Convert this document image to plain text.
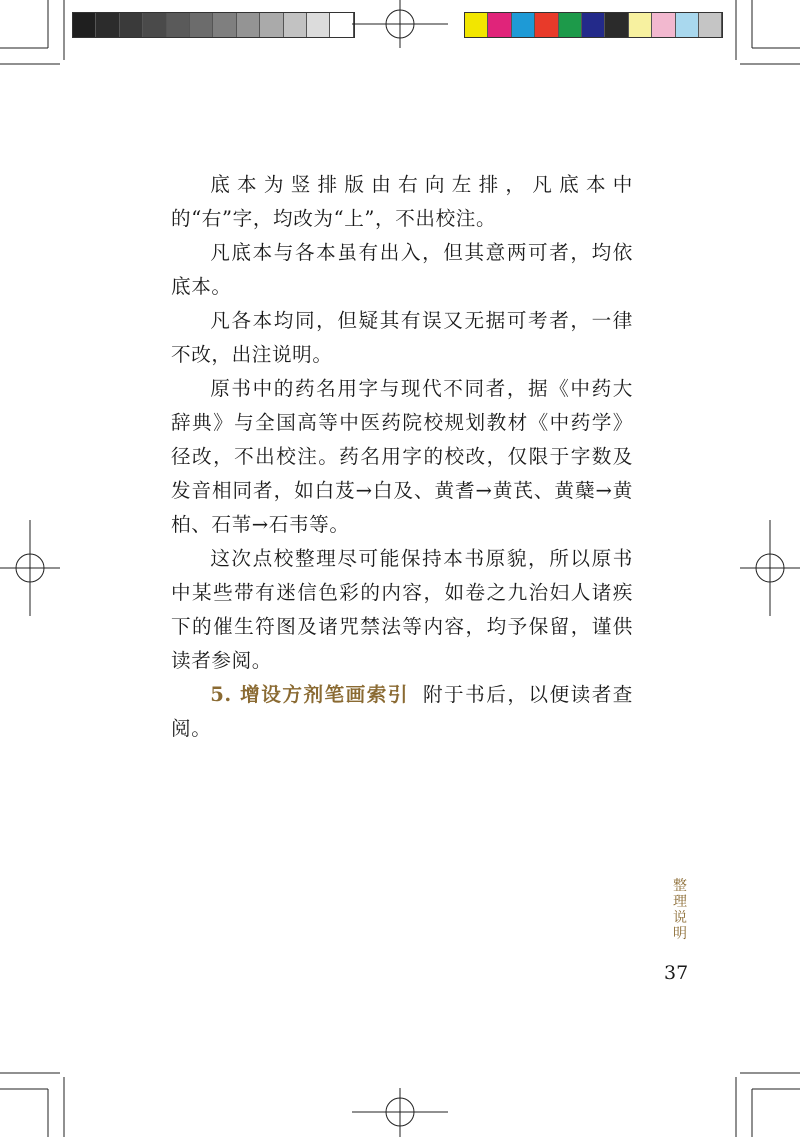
底本为竖排版由右向左排，凡底本中的“右”字，均改为“上”，不出校注。

凡底本与各本虽有出入，但其意两可者，均依底本。

凡各本均同，但疑其有误又无据可考者，一律不改，出注说明。

原书中的药名用字与现代不同者，据《中药大辞典》与全国高等中医药院校规划教材《中药学》径改，不出校注。药名用字的校改，仅限于字数及发音相同者，如白芨→白及、黄耆→黄芪、黄蘖→黄柏、石苇→石韦等。

这次点校整理尽可能保持本书原貌，所以原书中某些带有迷信色彩的内容，如卷之九治妇人诸疾下的催生符图及诸咒禁法等内容，均予保留，谨供读者参阅。

5. 增设方剂笔画索引 附于书后，以便读者查阅。

整
理
说
明
37
